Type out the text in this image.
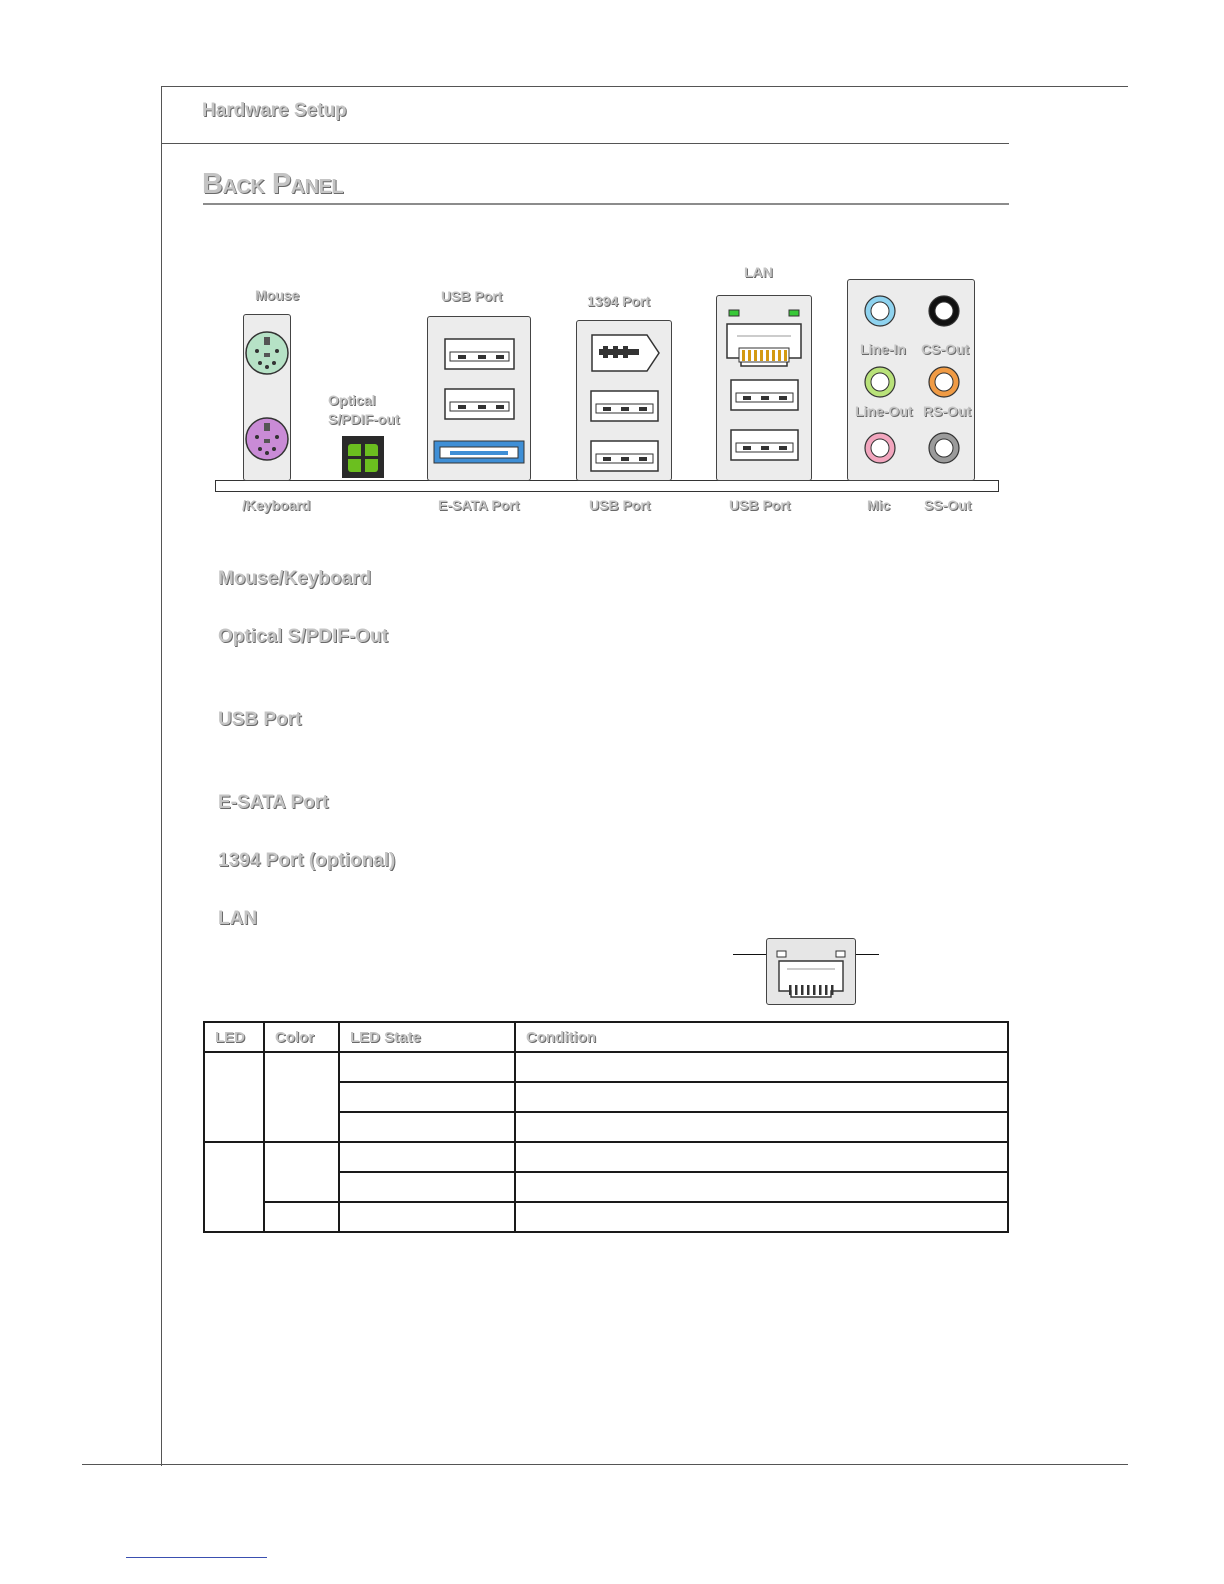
Hardware Setup
Back Panel
Mouse
/Keyboard
Optical
S/PDIF-out
USB Port
E-SATA Port
1394 Port
USB Port
LAN
USB Port
Line-In CS-Out
Line-Out RS-Out
Mic SS-Out
Mouse/Keyboard
Optical S/PDIF-Out
USB Port
E-SATA Port
1394 Port (optional)
LAN
LED	Color	LED State	Condition
